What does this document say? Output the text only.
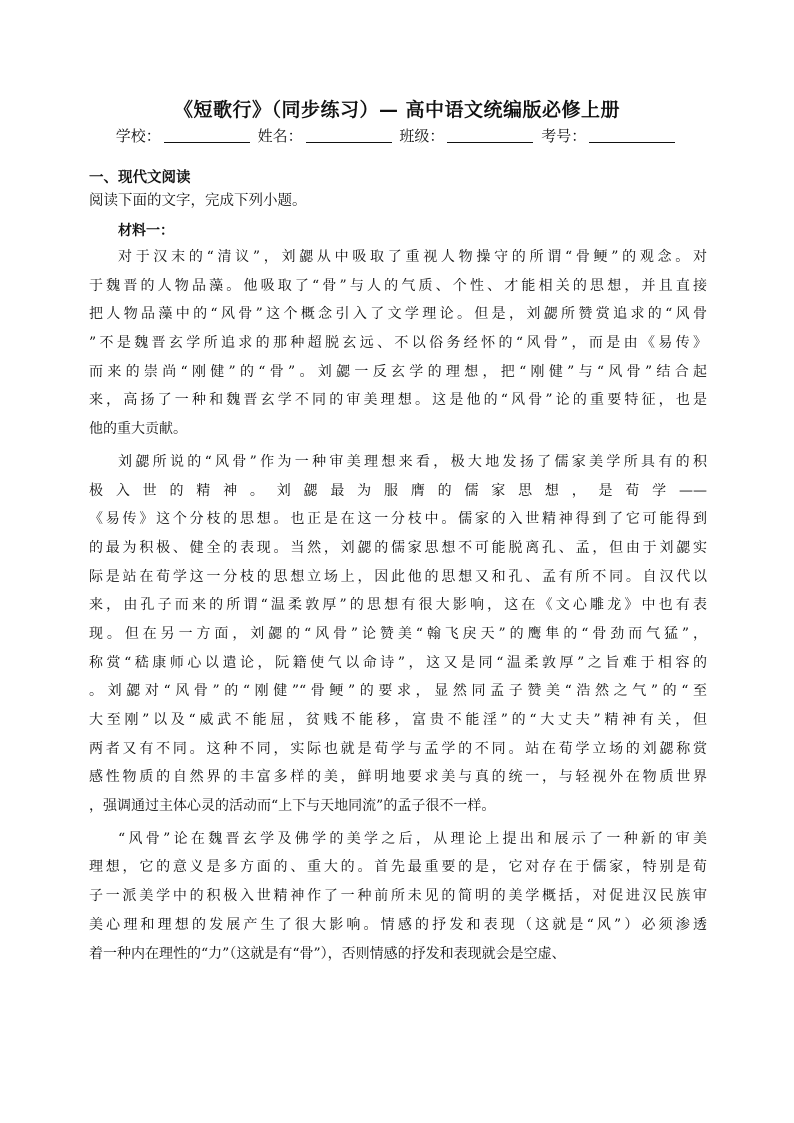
《短歌行》（同步练习）— 高中语文统编版必修上册
学校：	姓名：	班级：	考号：
一、现代文阅读
阅读下面的文字，完成下列小题。
材料一：
对于汉末的“清议”，刘勰从中吸取了重视人物操守的所谓“骨鲠”的观念。对
于魏晋的人物品藻。他吸取了“骨”与人的气质、个性、才能相关的思想，并且直接
把人物品藻中的“风骨”这个概念引入了文学理论。但是，刘勰所赞赏追求的“风骨
”不是魏晋玄学所追求的那种超脱玄远、不以俗务经怀的“风骨”，而是由《易传》
而来的崇尚“刚健”的“骨”。刘勰一反玄学的理想，把“刚健”与“风骨”结合起
来，高扬了一种和魏晋玄学不同的审美理想。这是他的“风骨”论的重要特征，也是
他的重大贡献。
刘勰所说的“风骨”作为一种审美理想来看，极大地发扬了儒家美学所具有的积
极入世的精神。刘勰最为服膺的儒家思想，是荀学——
《易传》这个分枝的思想。也正是在这一分枝中。儒家的入世精神得到了它可能得到
的最为积极、健全的表现。当然，刘勰的儒家思想不可能脱离孔、孟，但由于刘勰实
际是站在荀学这一分枝的思想立场上，因此他的思想又和孔、孟有所不同。自汉代以
来，由孔子而来的所谓“温柔敦厚”的思想有很大影响，这在《文心雕龙》中也有表
现。但在另一方面，刘勰的“风骨”论赞美“翰飞戾天”的鹰隼的“骨劲而气猛”，
称赏“嵇康师心以遣论，阮籍使气以命诗”，这又是同“温柔敦厚”之旨难于相容的
。刘勰对“风骨”的“刚健”“骨鲠”的要求，显然同孟子赞美“浩然之气”的“至
大至刚”以及“威武不能屈，贫贱不能移，富贵不能淫”的“大丈夫”精神有关，但
两者又有不同。这种不同，实际也就是荀学与孟学的不同。站在荀学立场的刘勰称赏
感性物质的自然界的丰富多样的美，鲜明地要求美与真的统一，与轻视外在物质世界
，强调通过主体心灵的活动而“上下与天地同流”的孟子很不一样。
“风骨”论在魏晋玄学及佛学的美学之后，从理论上提出和展示了一种新的审美
理想，它的意义是多方面的、重大的。首先最重要的是，它对存在于儒家，特别是荀
子一派美学中的积极入世精神作了一种前所未见的简明的美学概括，对促进汉民族审
美心理和理想的发展产生了很大影响。情感的抒发和表现（这就是“风”）必须渗透
着一种内在理性的“力”（这就是有“骨”），否则情感的抒发和表现就会是空虚、
